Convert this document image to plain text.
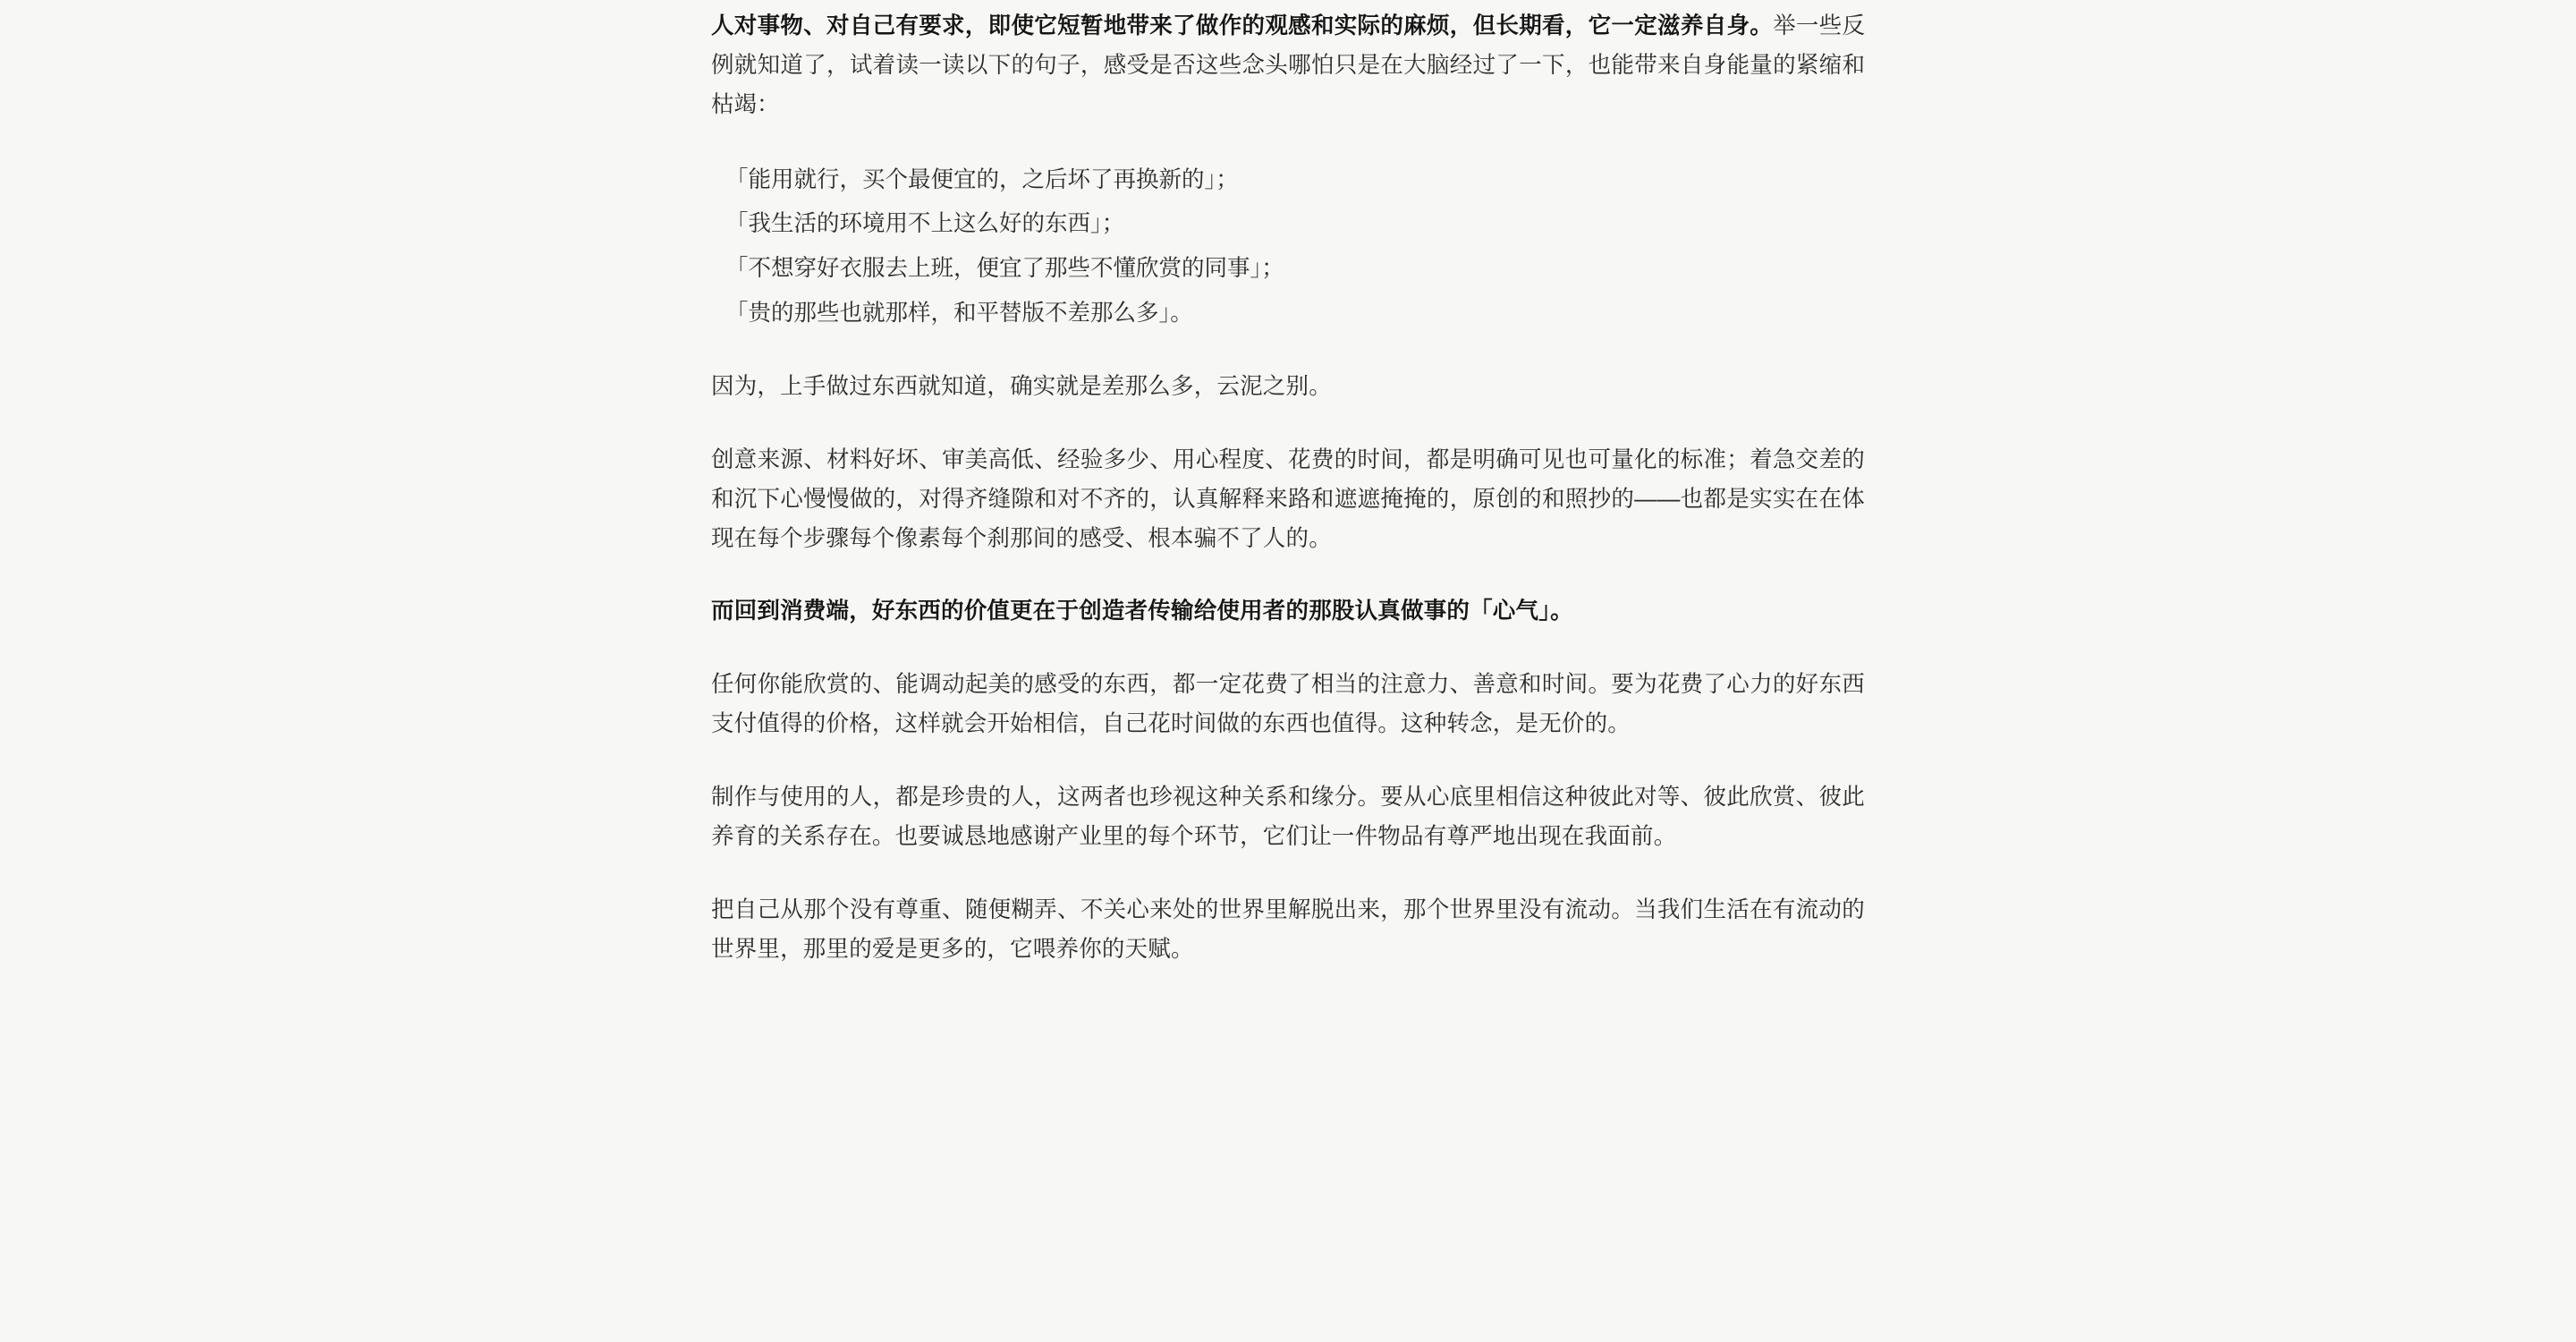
人对事物、对自己有要求，即使它短暂地带来了做作的观感和实际的麻烦，但长期看，它一定滋养自身。举一些反例就知道了，试着读一读以下的句子，感受是否这些念头哪怕只是在大脑经过了一下，也能带来自身能量的紧缩和枯竭：
「能用就行，买个最便宜的，之后坏了再换新的」；
「我生活的环境用不上这么好的东西」；
「不想穿好衣服去上班，便宜了那些不懂欣赏的同事」；
「贵的那些也就那样，和平替版不差那么多」。

因为，上手做过东西就知道，确实就是差那么多，云泥之别。

创意来源、材料好坏、审美高低、经验多少、用心程度、花费的时间，都是明确可见也可量化的标准；着急交差的和沉下心慢慢做的，对得齐缝隙和对不齐的，认真解释来路和遮遮掩掩的，原创的和照抄的——也都是实实在在体现在每个步骤每个像素每个刹那间的感受、根本骗不了人的。

而回到消费端，好东西的价值更在于创造者传输给使用者的那股认真做事的「心气」。

任何你能欣赏的、能调动起美的感受的东西，都一定花费了相当的注意力、善意和时间。要为花费了心力的好东西支付值得的价格，这样就会开始相信，自己花时间做的东西也值得。这种转念，是无价的。

制作与使用的人，都是珍贵的人，这两者也珍视这种关系和缘分。要从心底里相信这种彼此对等、彼此欣赏、彼此养育的关系存在。也要诚恳地感谢产业里的每个环节，它们让一件物品有尊严地出现在我面前。

把自己从那个没有尊重、随便糊弄、不关心来处的世界里解脱出来，那个世界里没有流动。当我们生活在有流动的世界里，那里的爱是更多的，它喂养你的天赋。
